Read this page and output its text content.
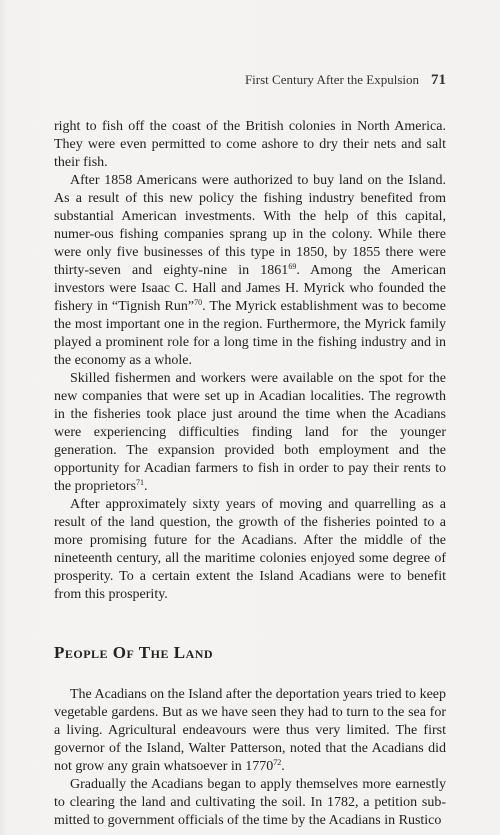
First Century After the Expulsion 71

right to fish off the coast of the British colonies in North America. They were even permitted to come ashore to dry their nets and salt their fish.

After 1858 Americans were authorized to buy land on the Island. As a result of this new policy the fishing industry benefited from substantial American investments. With the help of this capital, numer-ous fishing companies sprang up in the colony. While there were only five businesses of this type in 1850, by 1855 there were thirty-seven and eighty-nine in 1861$^{69}$. Among the American investors were Isaac C. Hall and James H. Myrick who founded the fishery in “Tignish Run”$^{70}$. The Myrick establishment was to become the most important one in the region. Furthermore, the Myrick family played a prominent role for a long time in the fishing industry and in the economy as a whole.

Skilled fishermen and workers were available on the spot for the new companies that were set up in Acadian localities. The regrowth in the fisheries took place just around the time when the Acadians were experiencing difficulties finding land for the younger generation. The expansion provided both employment and the opportunity for Acadian farmers to fish in order to pay their rents to the proprietors$^{71}$.

After approximately sixty years of moving and quarrelling as a result of the land question, the growth of the fisheries pointed to a more promising future for the Acadians. After the middle of the nineteenth century, all the maritime colonies enjoyed some degree of prosperity. To a certain extent the Island Acadians were to benefit from this prosperity.

People Of The Land

The Acadians on the Island after the deportation years tried to keep vegetable gardens. But as we have seen they had to turn to the sea for a living. Agricultural endeavours were thus very limited. The first governor of the Island, Walter Patterson, noted that the Acadians did not grow any grain whatsoever in 1770$^{72}$.

Gradually the Acadians began to apply themselves more earnestly to clearing the land and cultivating the soil. In 1782, a petition sub-mitted to government officials of the time by the Acadians in Rustico
